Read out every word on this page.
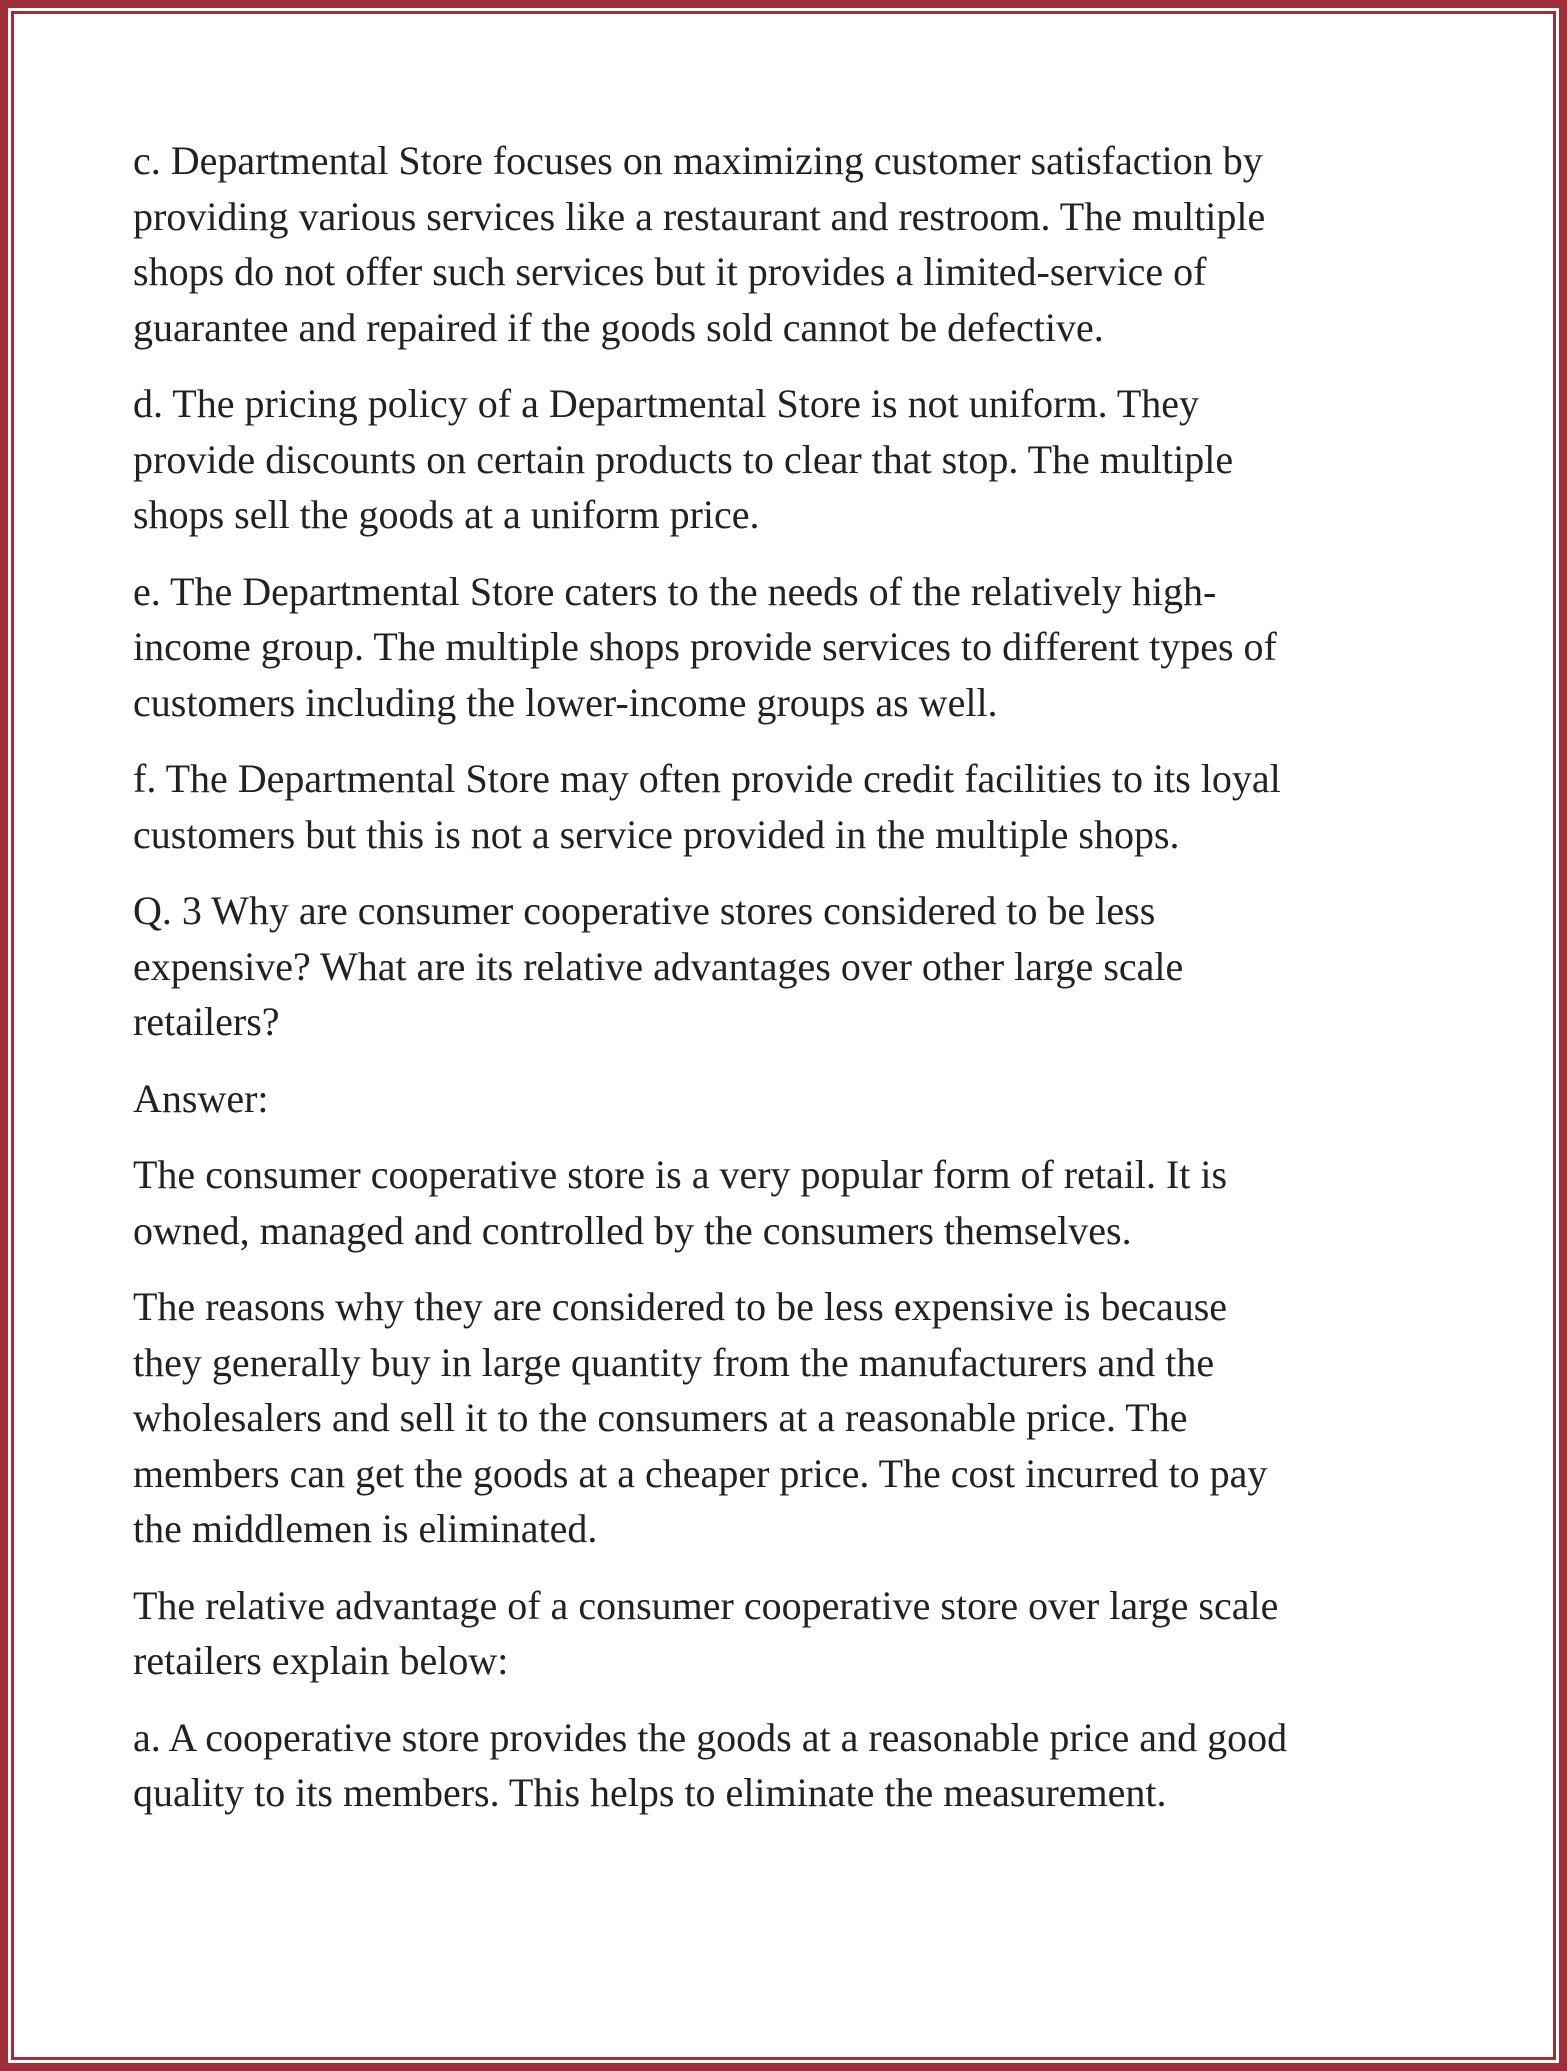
c. Departmental Store focuses on maximizing customer satisfaction by
providing various services like a restaurant and restroom. The multiple
shops do not offer such services but it provides a limited-service of
guarantee and repaired if the goods sold cannot be defective.

d. The pricing policy of a Departmental Store is not uniform. They
provide discounts on certain products to clear that stop. The multiple
shops sell the goods at a uniform price.

e. The Departmental Store caters to the needs of the relatively high-
income group. The multiple shops provide services to different types of
customers including the lower-income groups as well.

f. The Departmental Store may often provide credit facilities to its loyal
customers but this is not a service provided in the multiple shops.

Q. 3 Why are consumer cooperative stores considered to be less
expensive? What are its relative advantages over other large scale
retailers?

Answer:

The consumer cooperative store is a very popular form of retail. It is
owned, managed and controlled by the consumers themselves.

The reasons why they are considered to be less expensive is because
they generally buy in large quantity from the manufacturers and the
wholesalers and sell it to the consumers at a reasonable price. The
members can get the goods at a cheaper price. The cost incurred to pay
the middlemen is eliminated.

The relative advantage of a consumer cooperative store over large scale
retailers explain below:

a. A cooperative store provides the goods at a reasonable price and good
quality to its members. This helps to eliminate the measurement.
